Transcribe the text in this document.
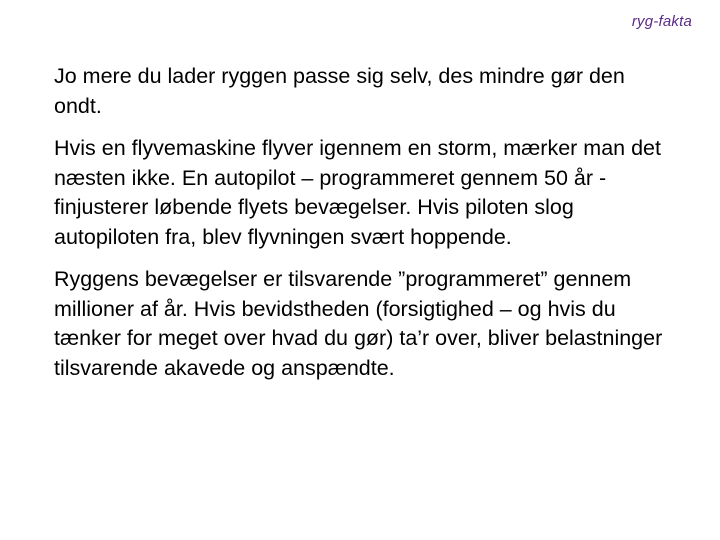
ryg-fakta

Jo mere du lader ryggen passe sig selv, des mindre gør den ondt.

Hvis en flyvemaskine flyver igennem en storm, mærker man det næsten ikke. En autopilot – programmeret gennem 50 år - finjusterer løbende flyets bevægelser. Hvis piloten slog autopiloten fra, blev flyvningen svært hoppende.

Ryggens bevægelser er tilsvarende ”programmeret” gennem millioner af år. Hvis bevidstheden (forsigtighed – og hvis du tænker for meget over hvad du gør) ta’r over, bliver belastninger tilsvarende akavede og anspændte.
